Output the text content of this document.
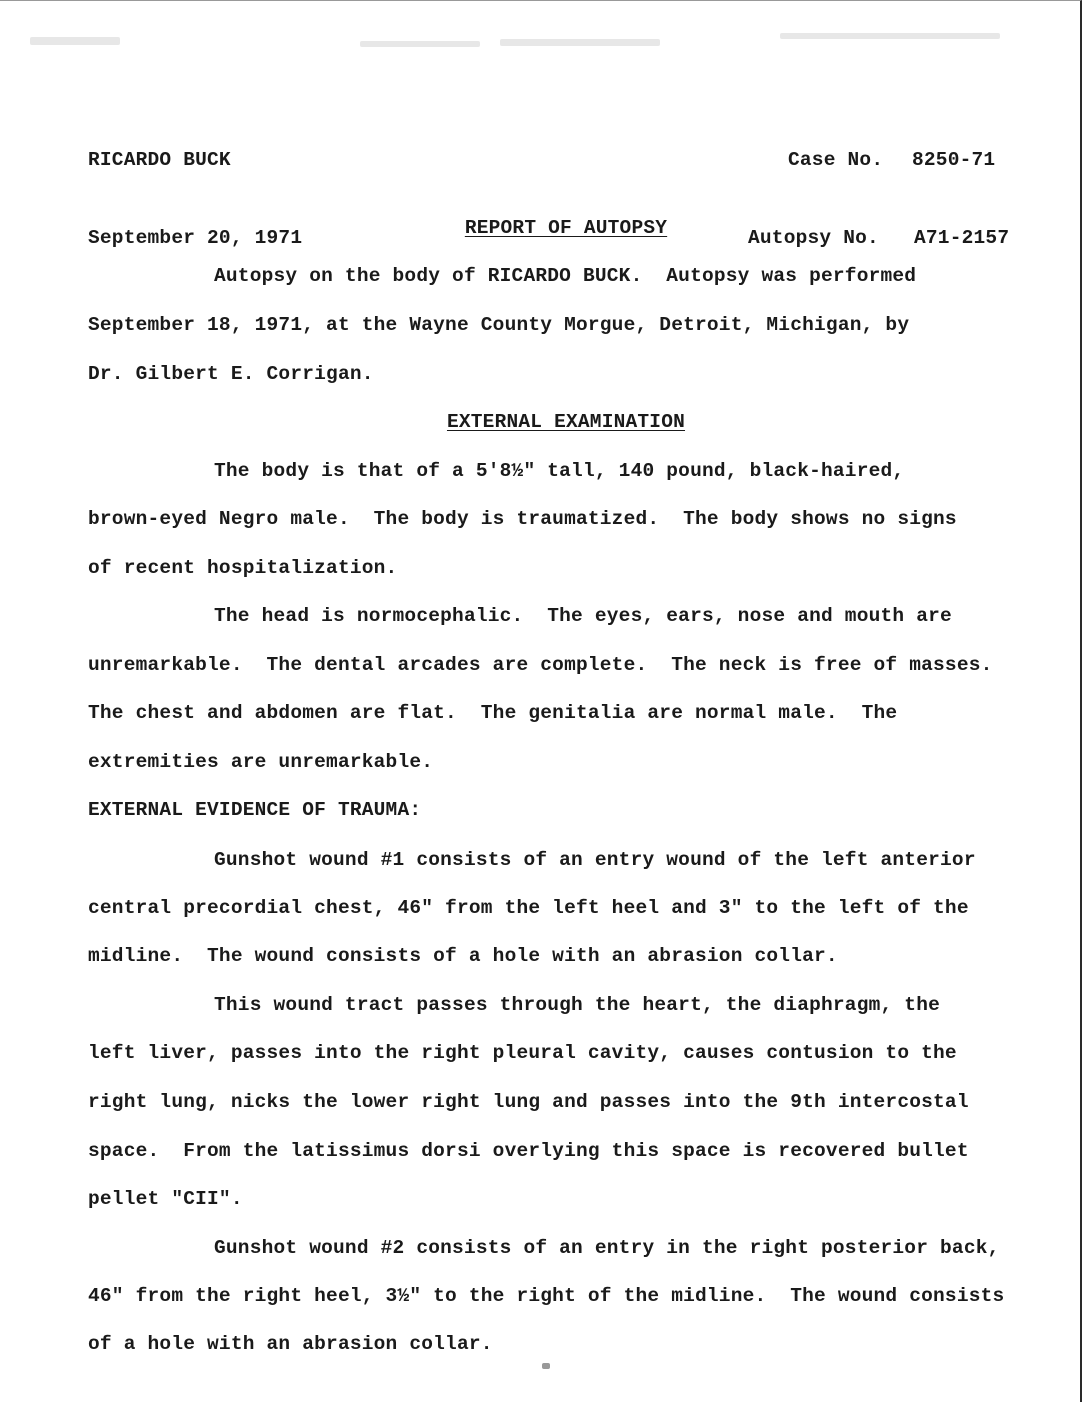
RICARDO BUCK

September 20, 1971

Case No.	8250-71

Autopsy No.	A71-2157

REPORT OF AUTOPSY
Autopsy on the body of RICARDO BUCK.  Autopsy was performed
September 18, 1971, at the Wayne County Morgue, Detroit, Michigan, by
Dr. Gilbert E. Corrigan.
EXTERNAL EXAMINATION
The body is that of a 5'8½" tall, 140 pound, black-haired,
brown-eyed Negro male.  The body is traumatized.  The body shows no signs
of recent hospitalization.
The head is normocephalic.  The eyes, ears, nose and mouth are
unremarkable.  The dental arcades are complete.  The neck is free of masses.
The chest and abdomen are flat.  The genitalia are normal male.  The
extremities are unremarkable.
EXTERNAL EVIDENCE OF TRAUMA:
Gunshot wound #1 consists of an entry wound of the left anterior
central precordial chest, 46" from the left heel and 3" to the left of the
midline.  The wound consists of a hole with an abrasion collar.
This wound tract passes through the heart, the diaphragm, the
left liver, passes into the right pleural cavity, causes contusion to the
right lung, nicks the lower right lung and passes into the 9th intercostal
space.  From the latissimus dorsi overlying this space is recovered bullet
pellet "CII".
Gunshot wound #2 consists of an entry in the right posterior back,
46" from the right heel, 3½" to the right of the midline.  The wound consists
of a hole with an abrasion collar.
